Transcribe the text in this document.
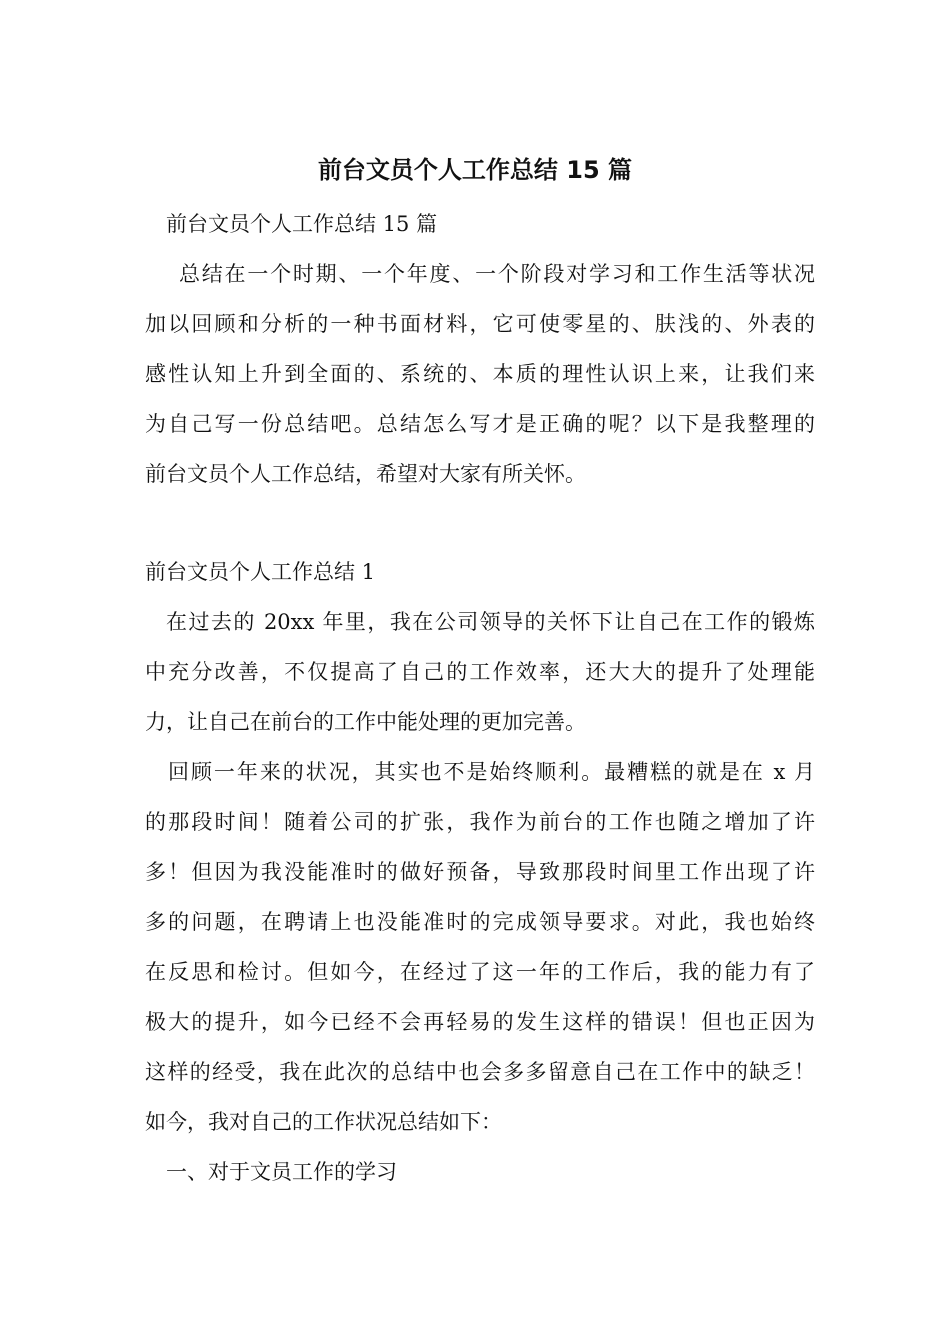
前台文员个人工作总结 15 篇
前台文员个人工作总结 15 篇
总结在一个时期、一个年度、一个阶段对学习和工作生活等状况
加以回顾和分析的一种书面材料，它可使零星的、肤浅的、外表的
感性认知上升到全面的、系统的、本质的理性认识上来，让我们来
为自己写一份总结吧。总结怎么写才是正确的呢？以下是我整理的
前台文员个人工作总结，希望对大家有所关怀。
前台文员个人工作总结 1
在过去的 20xx 年里，我在公司领导的关怀下让自己在工作的锻炼
中充分改善，不仅提高了自己的工作效率，还大大的提升了处理能
力，让自己在前台的工作中能处理的更加完善。
回顾一年来的状况，其实也不是始终顺利。最糟糕的就是在 x 月
的那段时间！随着公司的扩张，我作为前台的工作也随之增加了许
多！但因为我没能准时的做好预备，导致那段时间里工作出现了许
多的问题，在聘请上也没能准时的完成领导要求。对此，我也始终
在反思和检讨。但如今，在经过了这一年的工作后，我的能力有了
极大的提升，如今已经不会再轻易的发生这样的错误！但也正因为
这样的经受，我在此次的总结中也会多多留意自己在工作中的缺乏！
如今，我对自己的工作状况总结如下：
一、对于文员工作的学习
